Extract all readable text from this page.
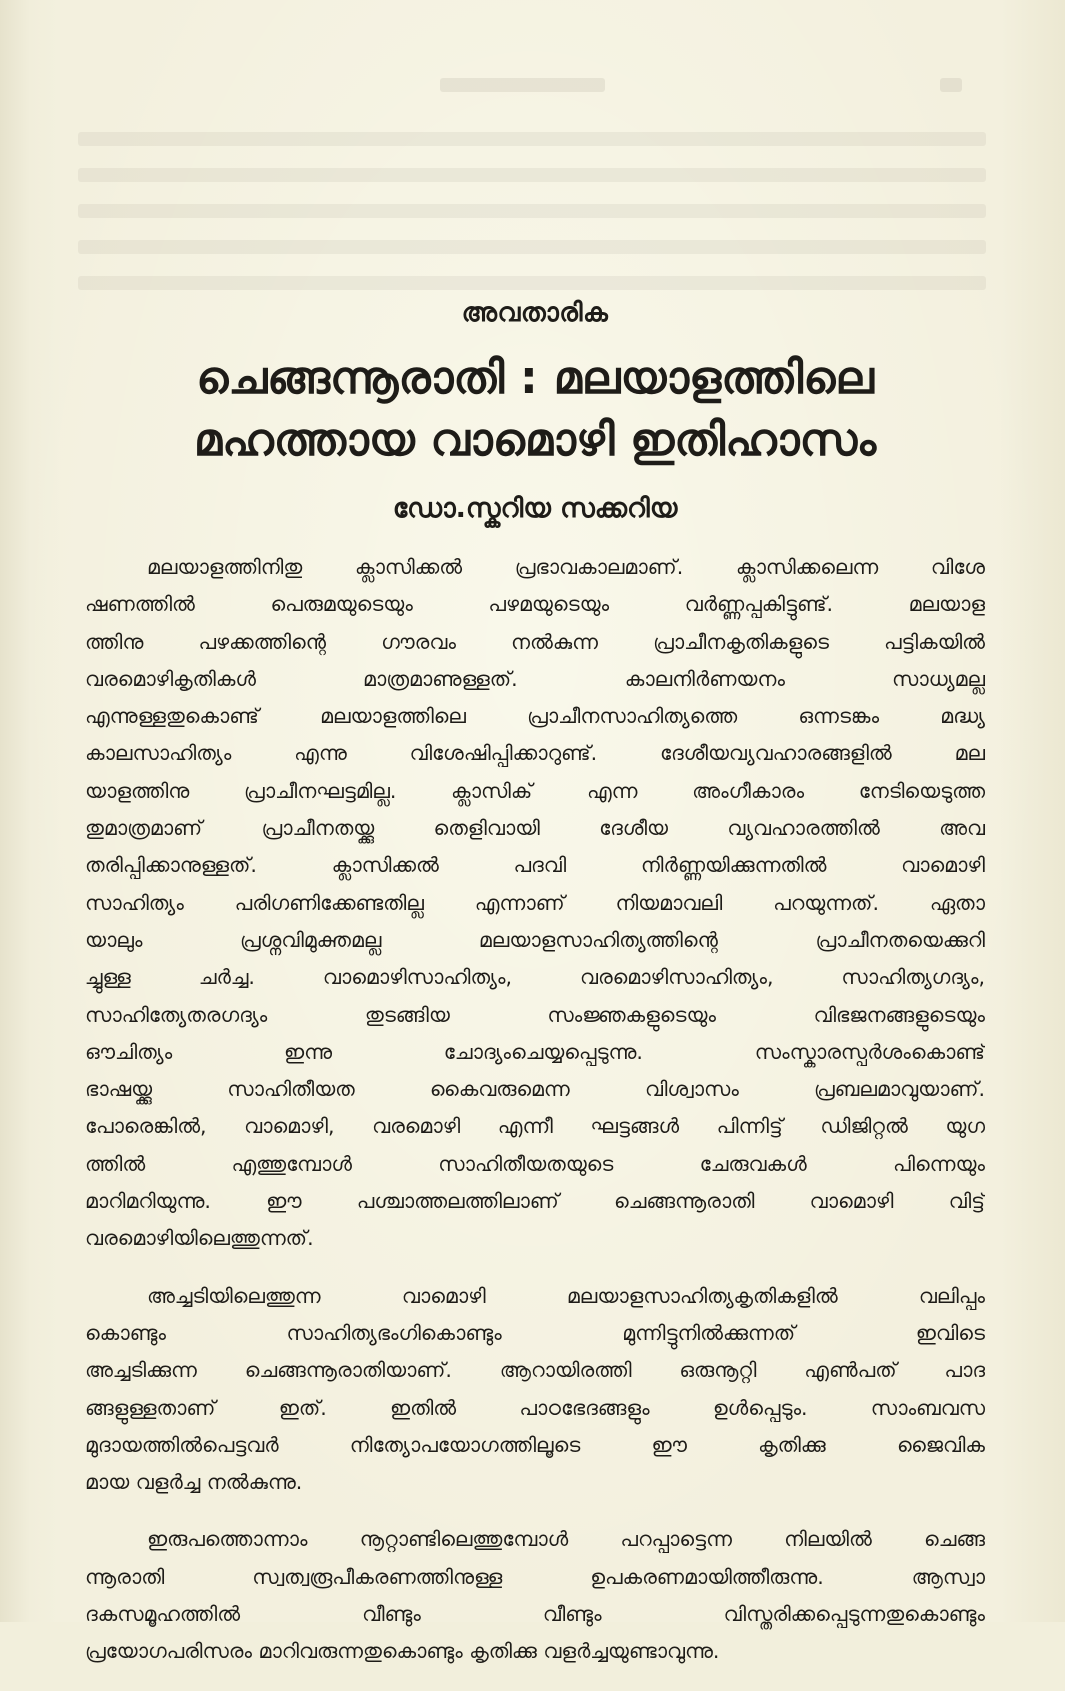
അവതാരിക
ചെങ്ങന്നൂരാതി : മലയാളത്തിലെ
മഹത്തായ വാമൊഴി ഇതിഹാസം
ഡോ.സ്കറിയ സക്കറിയ

മലയാളത്തിനിതു ക്ലാസിക്കൽ പ്രഭാവകാലമാണ്. ക്ലാസിക്കലെന്ന വിശേ
ഷണത്തിൽ പെരുമയുടെയും പഴമയുടെയും വർണ്ണപ്പകിട്ടുണ്ട്. മലയാള
ത്തിനു പഴക്കത്തിന്റെ ഗൗരവം നൽകുന്ന പ്രാചീനകൃതികളുടെ പട്ടികയിൽ
വരമൊഴികൃതികൾ മാത്രമാണുള്ളത്. കാലനിർണയനം സാധ്യമല്ല
എന്നുള്ളതുകൊണ്ട് മലയാളത്തിലെ പ്രാചീനസാഹിത്യത്തെ ഒന്നടങ്കം മദ്ധ്യ
കാലസാഹിത്യം എന്നു വിശേഷിപ്പിക്കാറുണ്ട്. ദേശീയവ്യവഹാരങ്ങളിൽ മല
യാളത്തിനു പ്രാചീനഘട്ടമില്ല. ക്ലാസിക് എന്ന അംഗീകാരം നേടിയെടുത്ത
തുമാത്രമാണ് പ്രാചീനതയ്ക്കു തെളിവായി ദേശീയ വ്യവഹാരത്തിൽ അവ
തരിപ്പിക്കാനുള്ളത്. ക്ലാസിക്കൽ പദവി നിർണ്ണയിക്കുന്നതിൽ വാമൊഴി
സാഹിത്യം പരിഗണിക്കേണ്ടതില്ല എന്നാണ് നിയമാവലി പറയുന്നത്. ഏതാ
യാലും പ്രശ്നവിമുക്തമല്ല മലയാളസാഹിത്യത്തിന്റെ പ്രാചീനതയെക്കുറി
ച്ചുള്ള ചർച്ച. വാമൊഴിസാഹിത്യം, വരമൊഴിസാഹിത്യം, സാഹിത്യഗദ്യം,
സാഹിത്യേതരഗദ്യം തുടങ്ങിയ സംജ്ഞകളുടെയും വിഭജനങ്ങളുടെയും
ഔചിത്യം ഇന്നു ചോദ്യംചെയ്യപ്പെടുന്നു. സംസ്കാരസ്പർശംകൊണ്ട്
ഭാഷയ്ക്കു സാഹിതീയത കൈവരുമെന്ന വിശ്വാസം പ്രബലമാവുയാണ്.
പോരെങ്കിൽ, വാമൊഴി, വരമൊഴി എന്നീ ഘട്ടങ്ങൾ പിന്നിട്ട് ഡിജിറ്റൽ യുഗ
ത്തിൽ എത്തുമ്പോൾ സാഹിതീയതയുടെ ചേരുവകൾ പിന്നെയും
മാറിമറിയുന്നു. ഈ പശ്ചാത്തലത്തിലാണ് ചെങ്ങന്നൂരാതി വാമൊഴി വിട്ട്
വരമൊഴിയിലെത്തുന്നത്.

അച്ചടിയിലെത്തുന്ന വാമൊഴി മലയാളസാഹിത്യകൃതികളിൽ വലിപ്പം
കൊണ്ടും സാഹിത്യഭംഗികൊണ്ടും മുന്നിട്ടുനിൽക്കുന്നത് ഇവിടെ
അച്ചടിക്കുന്ന ചെങ്ങന്നൂരാതിയാണ്. ആറായിരത്തി ഒരുനൂറ്റി എൺപത് പാദ
ങ്ങളുള്ളതാണ് ഇത്. ഇതിൽ പാഠഭേദങ്ങളും ഉൾപ്പെടും. സാംബവസ
മുദായത്തിൽപെട്ടവർ നിത്യോപയോഗത്തിലൂടെ ഈ കൃതിക്കു ജൈവിക
മായ വളർച്ച നൽകുന്നു.

ഇരുപത്തൊന്നാം നൂറ്റാണ്ടിലെത്തുമ്പോൾ പറപ്പാട്ടെന്ന നിലയിൽ ചെങ്ങ
ന്നൂരാതി സ്വത്വരൂപീകരണത്തിനുള്ള ഉപകരണമായിത്തീരുന്നു. ആസ്വാ
ദകസമൂഹത്തിൽ വീണ്ടും വീണ്ടും വിസ്തരിക്കപ്പെടുന്നതുകൊണ്ടും
പ്രയോഗപരിസരം മാറിവരുന്നതുകൊണ്ടും കൃതിക്കു വളർച്ചയുണ്ടാവുന്നു.
